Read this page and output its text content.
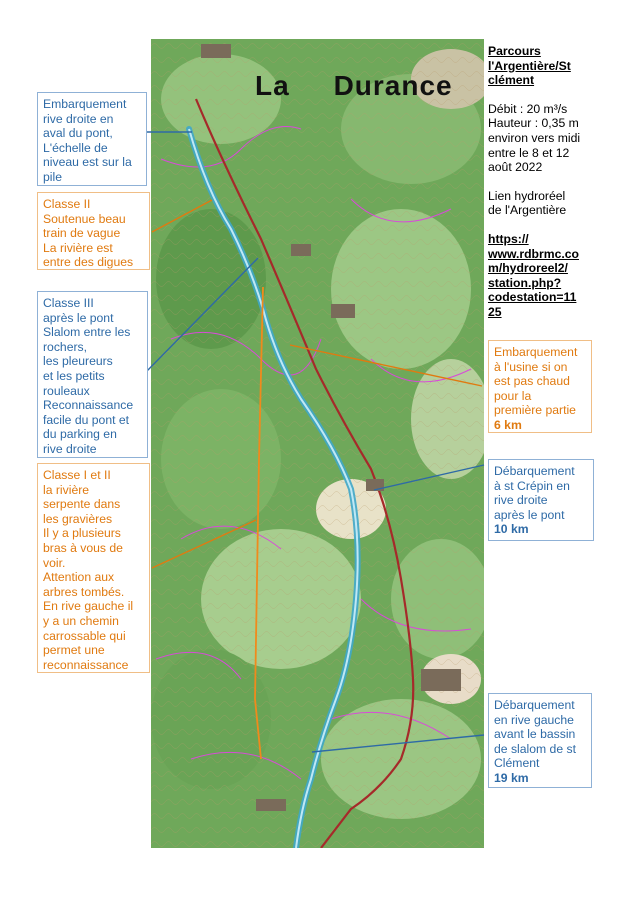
La     Durance
Embarquement
rive droite en
aval du pont,
L'échelle de
niveau est sur la
pile
Classe II
Soutenue beau
train de vague
La rivière est
entre des digues
Classe III
après le pont
Slalom entre les
rochers,
les pleureurs
et les petits
rouleaux
Reconnaissance
facile du pont et
du parking en
rive droite
Classe I et II
la rivière
serpente dans
les gravières
Il y a plusieurs
bras à vous de
voir.
Attention aux
arbres tombés.
En rive gauche il
y a un chemin
carrossable qui
permet une
reconnaissance

Parcours
l'Argentière/St
clément

Débit : 20 m³/s
Hauteur : 0,35 m
environ vers midi
entre le 8 et 12
août 2022

Lien hydroréel
de l'Argentière

https://
www.rdbrmc.co
m/hydroreel2/
station.php?
codestation=11
25

Embarquement
à l'usine si on
est pas chaud
pour la
première partie
6 km
Débarquement
à st Crépin en
rive droite
après le pont
10 km
Débarquement
en rive gauche
avant le bassin
de slalom de st
Clément
19 km
